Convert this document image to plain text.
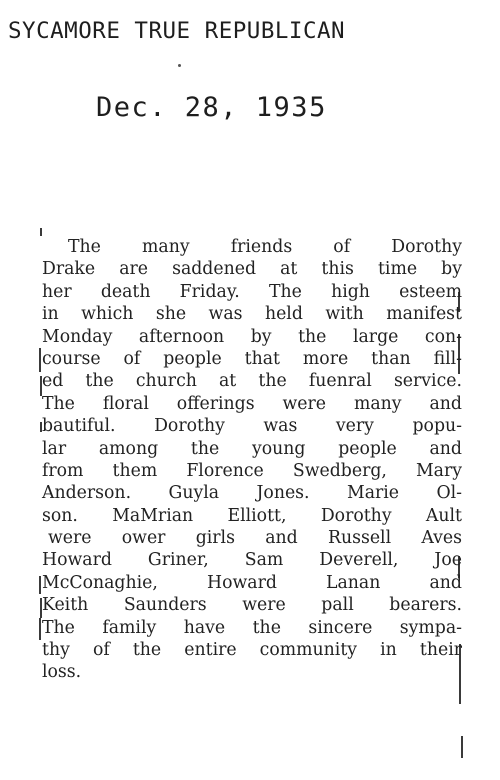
SYCAMORE TRUE REPUBLICAN
Dec. 28, 1935
The many friends of Dorothy
Drake are saddened at this time by
her death Friday. The high esteem
in which she was held with manifest
Monday afternoon by the large con-
course of people that more than fill-
ed the church at the fuenral service.
The floral offerings were many and
bautiful. Dorothy was very popu-
lar among the young people and
from them Florence Swedberg, Mary
Anderson. Guyla Jones. Marie Ol-
son. MaMrian Elliott, Dorothy Ault
were ower girls and Russell Aves
Howard Griner, Sam Deverell, Joe
McConaghie, Howard Lanan and
Keith Saunders were pall bearers.
The family have the sincere sympa-
thy of the entire community in their
loss.
